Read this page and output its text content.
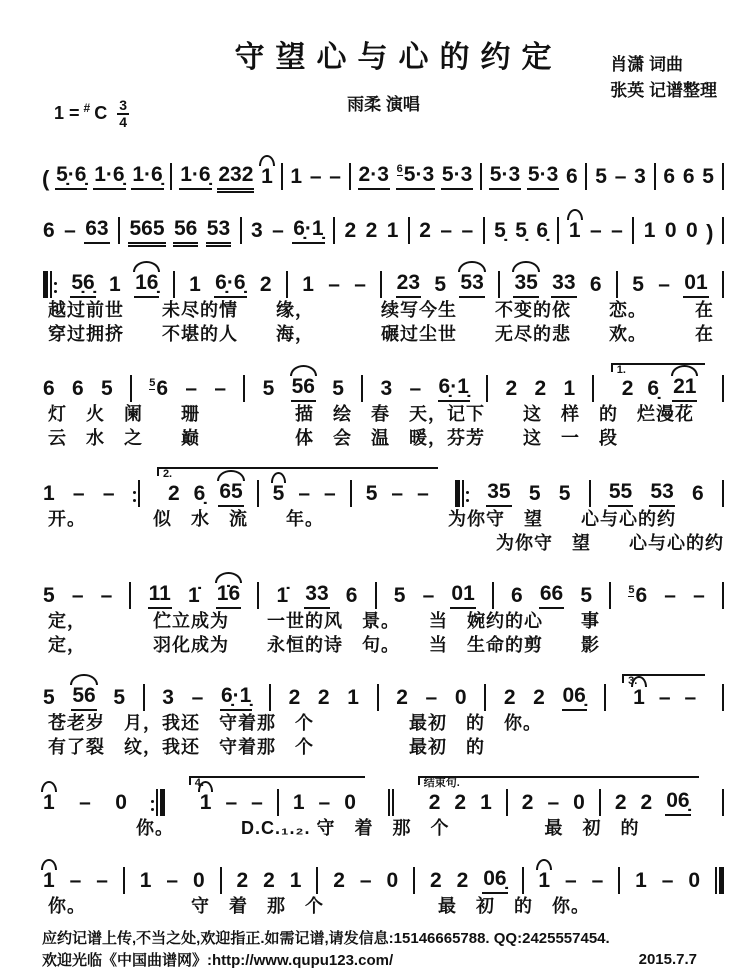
守望心与心的约定	肖潇 词曲
张英 记谱整理
1 = # C $\frac{3}{4}$	雨柔 演唱
( 5̣·6̣ 1·6̣ 1·6̣ 1·6̣ 232 1 1 – – 2·3 $^6$5·3 5·3 5·3 5·3 6 5 – 3 6 6 5
6 – 63 565 56 53 3 – 6̣·1̣ 2 2 1 2 – – 5̣ 5̣ 6̣ 1 – – 1 0 0 )
5̣6̣ 1 16̣ 1 6̣·6̣ 2 1 – – 23 5 53 35 33 6 5 – 01
越过前世　　未尽的情　　缘，　　　　续写今生　　不变的依　　恋。　　　在
穿过拥挤　　不堪的人　　海，　　　　碾过尘世　　无尽的悲　　欢。　　　在
6 6 5	$^5$6 – – 5 56 5 3 – 6̣·1̣ 2 2 1
1.
2 6̣ 21
灯　火　阑　　珊　　　　　描　绘　春　天，记下　　这　样　的　烂漫花
云　水　之　　巅　　　　　体　会　温　暖，芬芳　　这　一　段
1 – –
2.
2 6̣ 65 5 – – 5 – –	35 5 5 55 53 6
开。　　　　似　水　流　　年。　　　　　　　为你守　望　　心与心的约
为你守　望　　心与心的约
5 – – 11 1̇ 1̇6 1̇ 33 6 5 – 01 6 66 5	$^5$6 – –
定，　　　　伫立成为　　一世的风　景。　　当　婉约的心　　事
定，　　　　羽化成为　　永恒的诗　句。　　当　生命的剪　　影
5 56 5 3 – 6̣·1̣ 2 2 1 2 – 0 2 2 06̣
3.
1 – –
苍老岁　月，我还　守着那　个　　　　　最初　的　你。
有了裂　纹，我还　守着那　个　　　　　最初　的
1 – 0
4.
1 – – 1 – 0
结束句.
2 2 1 2 – 0 2 2 06̣
你。　　　　D.C.₁.₂. 守　着　那　个　　　　　最　初　的
1 – – 1 – 0 2 2 1 2 – 0 2 2 06̣ 1 – – 1 – 0
你。　　　　　　守　着　那　个　　　　　　最　初　的　你。
应约记谱上传,不当之处,欢迎指正.如需记谱,请发信息:15146665788. QQ:2425557454.
欢迎光临《中国曲谱网》:http://www.qupu123.com/	2015.7.7
